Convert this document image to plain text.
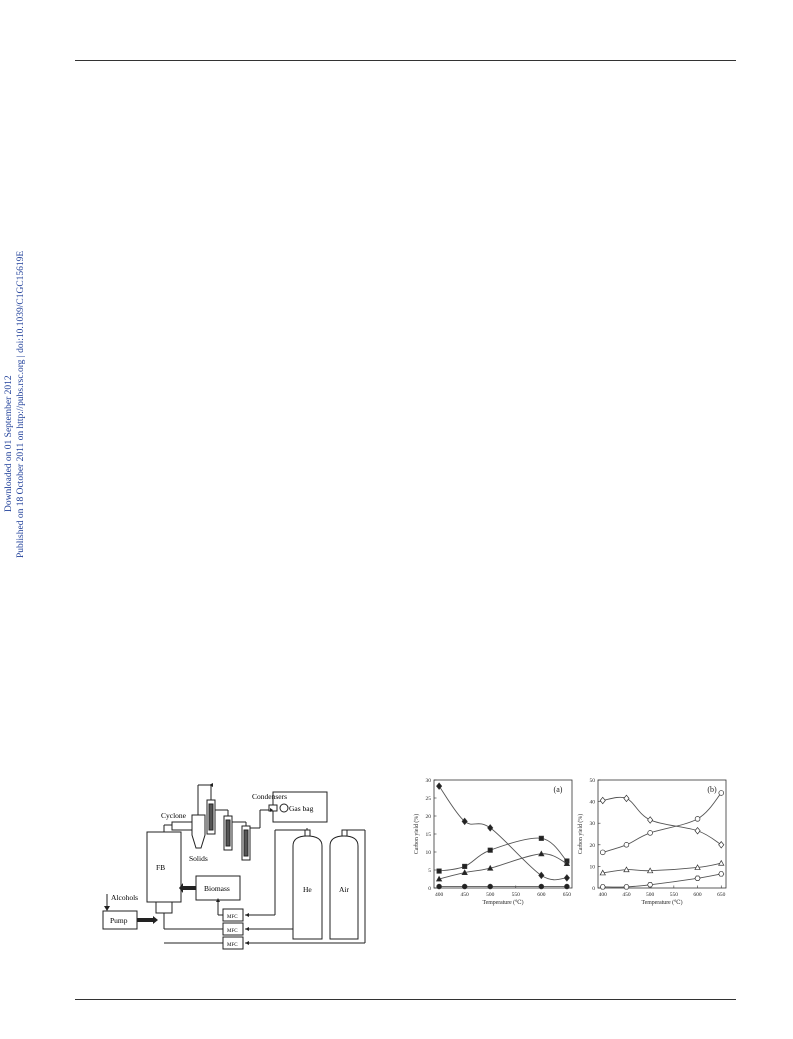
Downloaded on 01 September 2012 Published on 18 October 2011 on http://pubs.rsc.org | doi:10.1039/C1GC15619E
Condensers
Gas bag
Cyclone
Solids
FB
Biomass
Alcohols
Pump
He	Air
MFC
MFC
MFC
400	450	500	550	600	650
0
5
10
15
20
25
30
Temperature (℃)
Carbon yield (%)
(a)
400	450	500	550	600	650
0
10
20
30
40
50
Temperature (℃)
Carbon yield (%)
(b)
